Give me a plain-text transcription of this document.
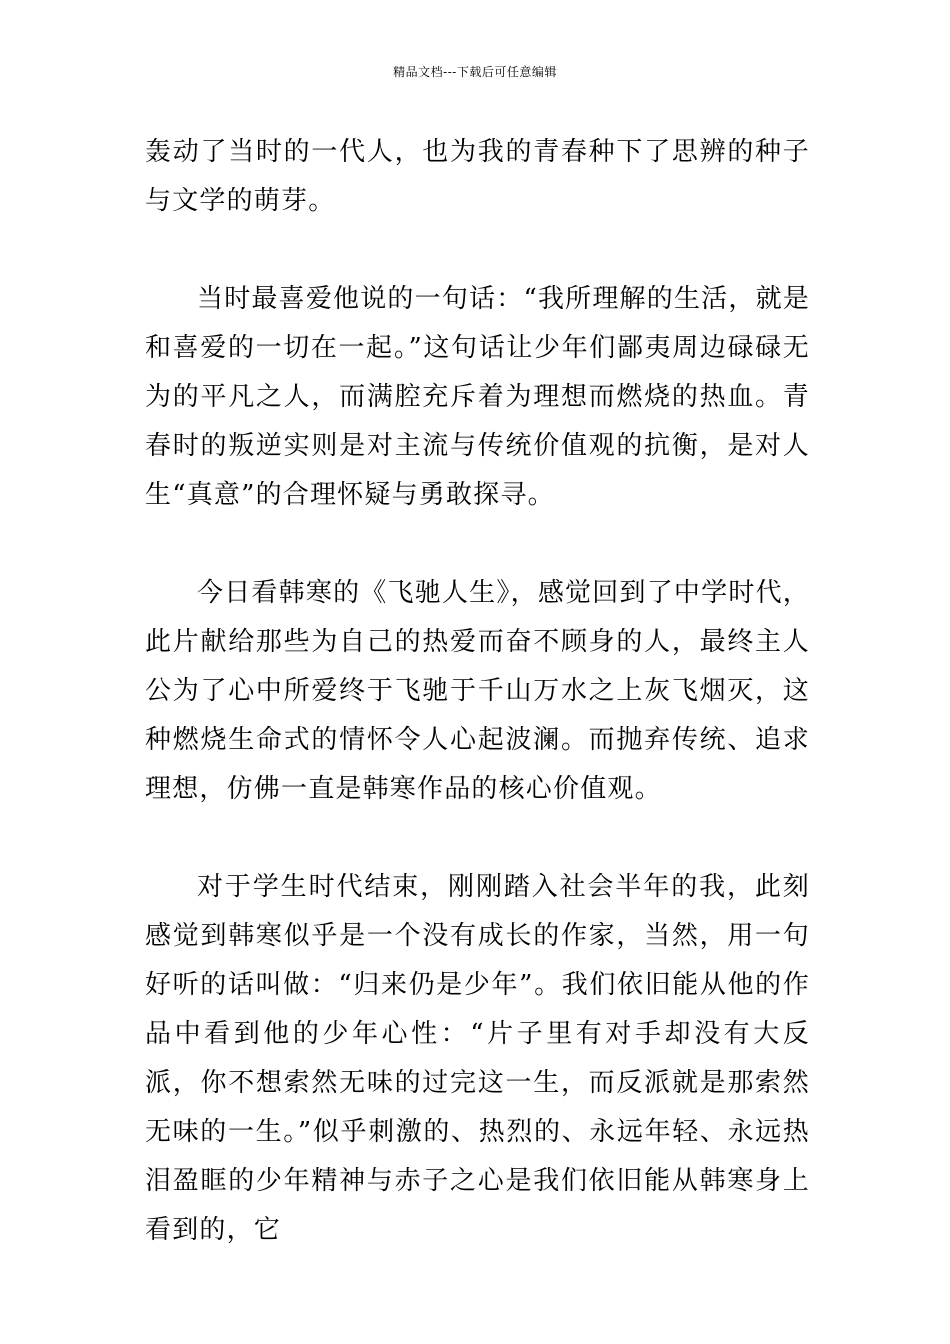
精品文档---下载后可任意编辑

轰动了当时的一代人，也为我的青春种下了思辨的种子与文学的萌芽。

当时最喜爱他说的一句话：“我所理解的生活，就是和喜爱的一切在一起。”这句话让少年们鄙夷周边碌碌无为的平凡之人，而满腔充斥着为理想而燃烧的热血。青春时的叛逆实则是对主流与传统价值观的抗衡，是对人生“真意”的合理怀疑与勇敢探寻。

今日看韩寒的《飞驰人生》，感觉回到了中学时代，此片献给那些为自己的热爱而奋不顾身的人，最终主人公为了心中所爱终于飞驰于千山万水之上灰飞烟灭，这种燃烧生命式的情怀令人心起波澜。而抛弃传统、追求理想，仿佛一直是韩寒作品的核心价值观。

对于学生时代结束，刚刚踏入社会半年的我，此刻感觉到韩寒似乎是一个没有成长的作家，当然，用一句好听的话叫做：“归来仍是少年”。我们依旧能从他的作品中看到他的少年心性：“片子里有对手却没有大反派，你不想索然无味的过完这一生，而反派就是那索然无味的一生。”似乎刺激的、热烈的、永远年轻、永远热泪盈眶的少年精神与赤子之心是我们依旧能从韩寒身上看到的，它
